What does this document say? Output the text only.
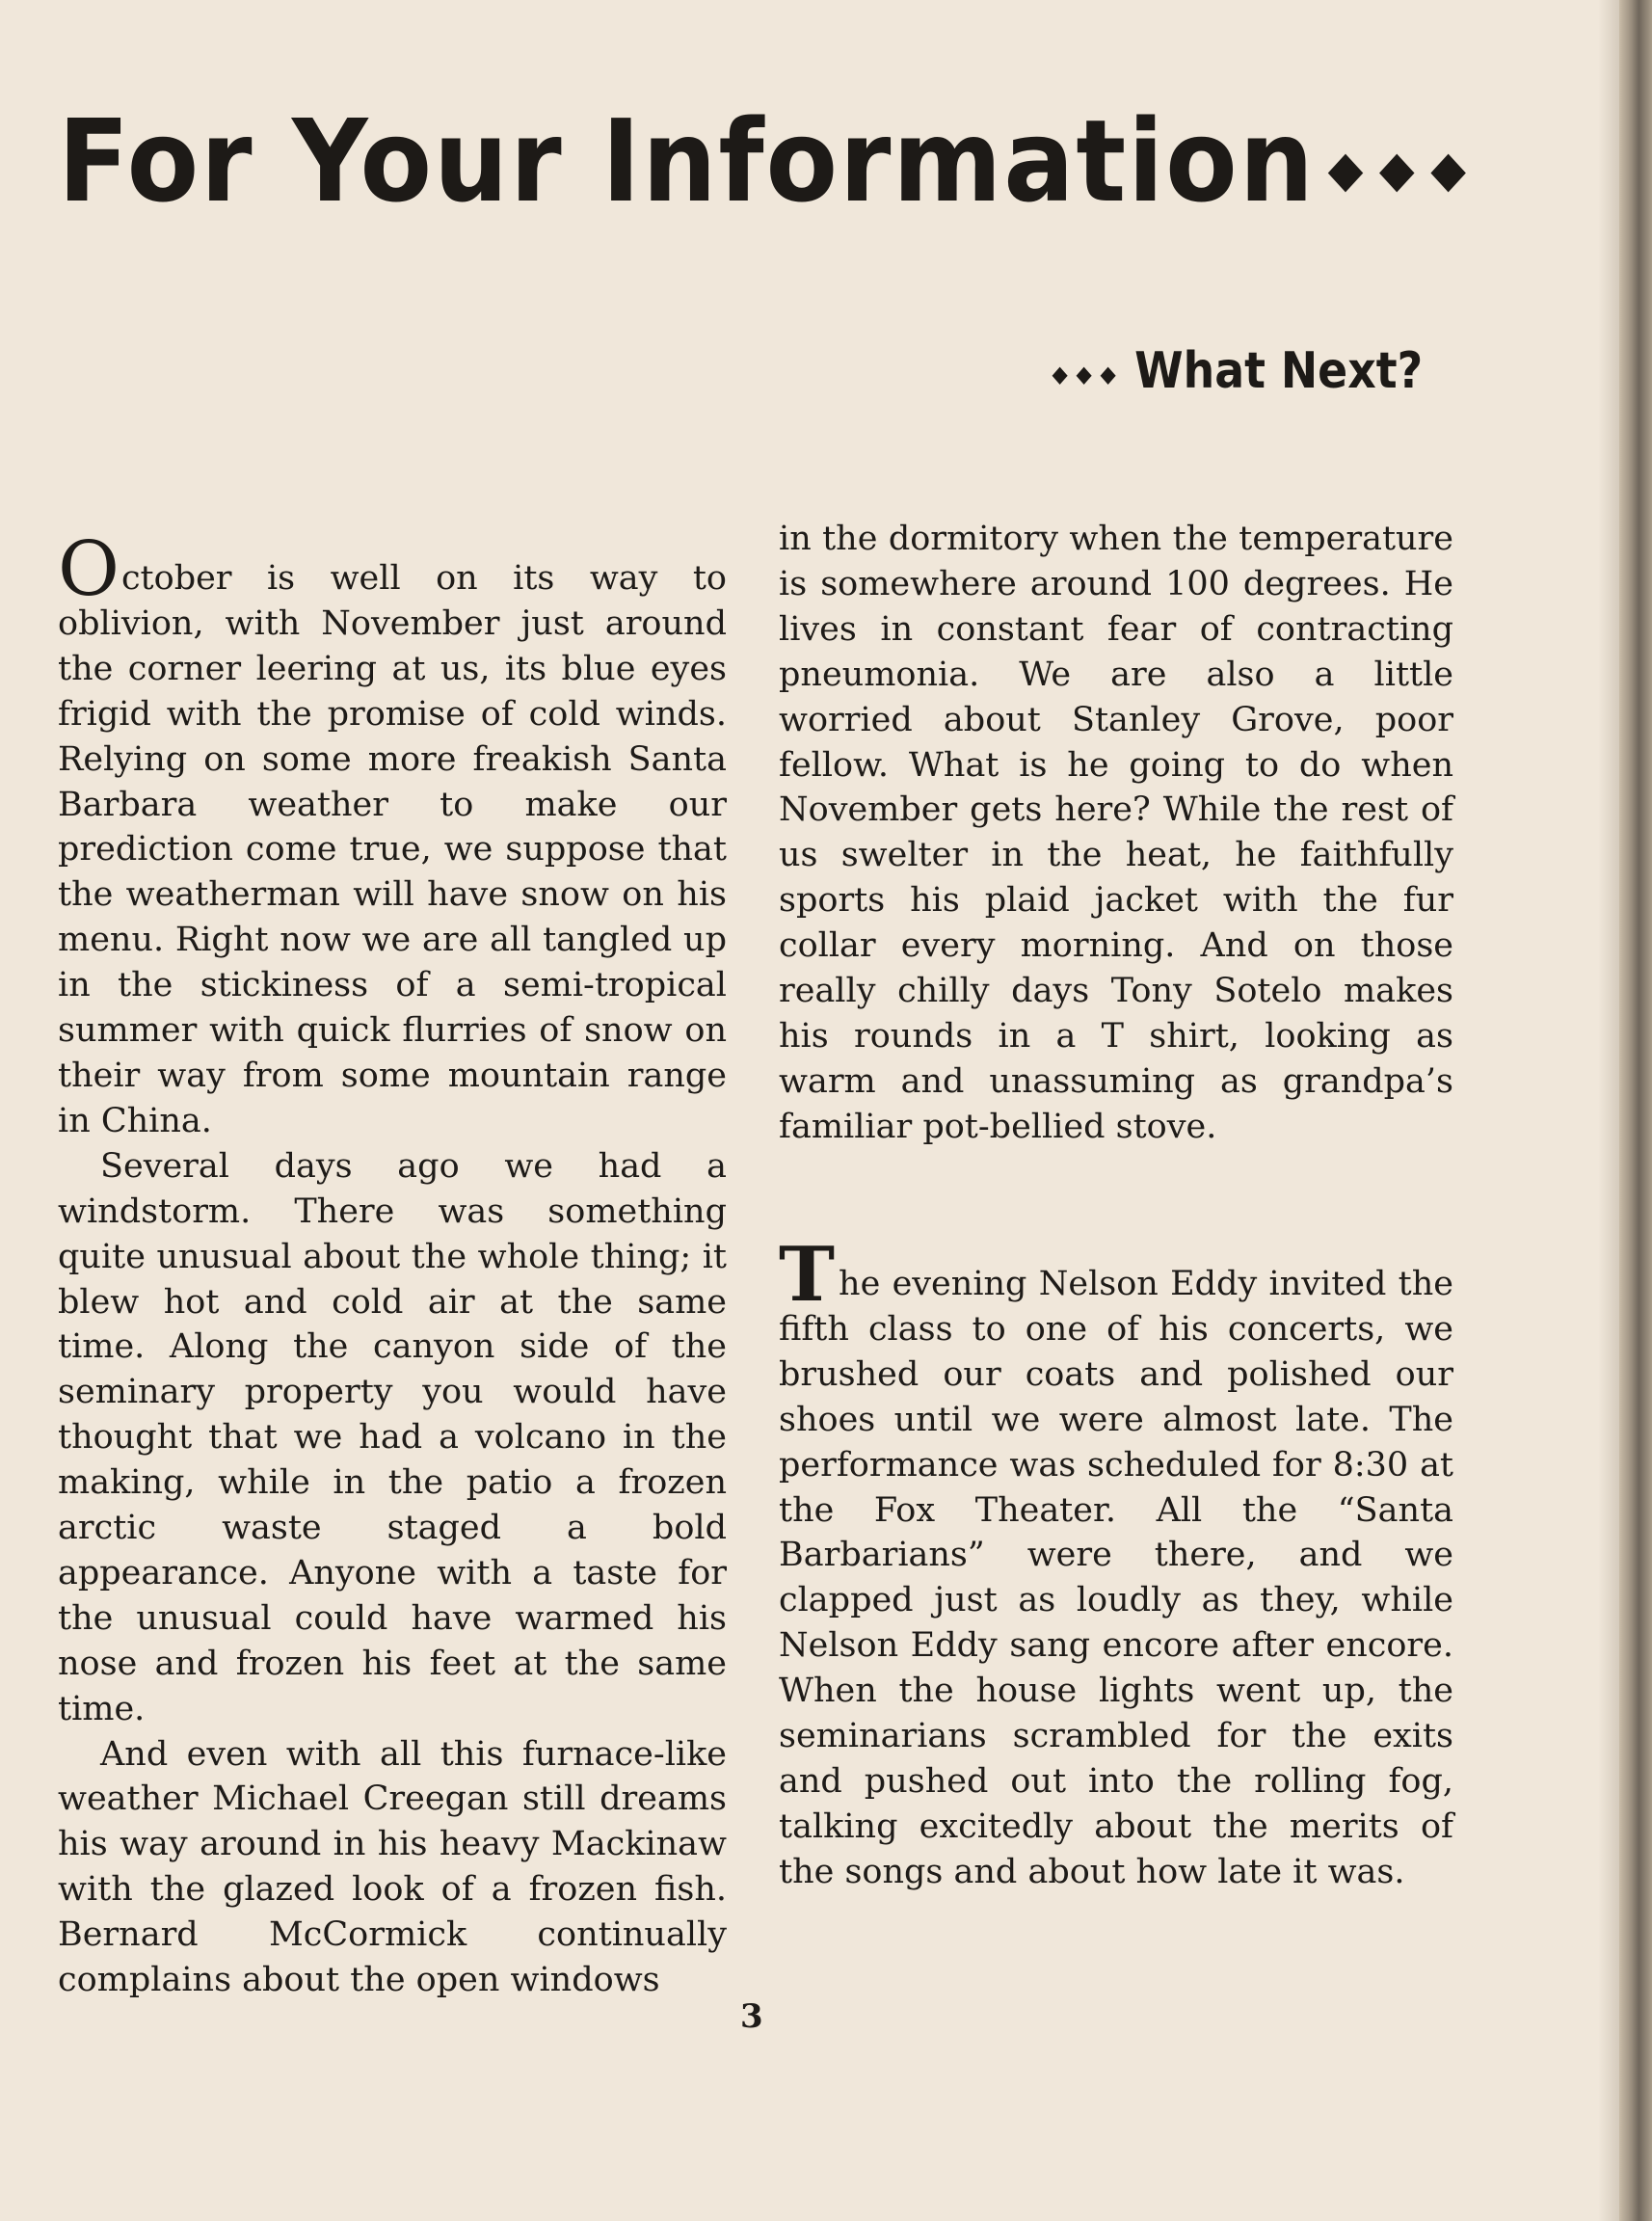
For Your Information ◆◆◆
◆◆◆ What Next?

October is well on its way to oblivion, with November just around the corner leering at us, its blue eyes frigid with the promise of cold winds. Relying on some more freakish Santa Barbara weather to make our prediction come true, we suppose that the weatherman will have snow on his menu. Right now we are all tangled up in the stickiness of a semi-tropical summer with quick flurries of snow on their way from some mountain range in China.

Several days ago we had a windstorm. There was something quite unusual about the whole thing; it blew hot and cold air at the same time. Along the canyon side of the seminary property you would have thought that we had a volcano in the making, while in the patio a frozen arctic waste staged a bold appearance. Anyone with a taste for the unusual could have warmed his nose and frozen his feet at the same time.

And even with all this furnace-like weather Michael Creegan still dreams his way around in his heavy Mackinaw with the glazed look of a frozen fish. Bernard McCormick continually complains about the open windows

in the dormitory when the temperature is somewhere around 100 degrees. He lives in constant fear of contracting pneumonia. We are also a little worried about Stanley Grove, poor fellow. What is he going to do when November gets here? While the rest of us swelter in the heat, he faithfully sports his plaid jacket with the fur collar every morning. And on those really chilly days Tony Sotelo makes his rounds in a T shirt, looking as warm and unassuming as grandpa’s familiar pot-bellied stove.

The evening Nelson Eddy invited the fifth class to one of his concerts, we brushed our coats and polished our shoes until we were almost late. The performance was scheduled for 8:30 at the Fox Theater. All the “Santa Barbarians” were there, and we clapped just as loudly as they, while Nelson Eddy sang encore after encore. When the house lights went up, the seminarians scrambled for the exits and pushed out into the rolling fog, talking excitedly about the merits of the songs and about how late it was.

3
